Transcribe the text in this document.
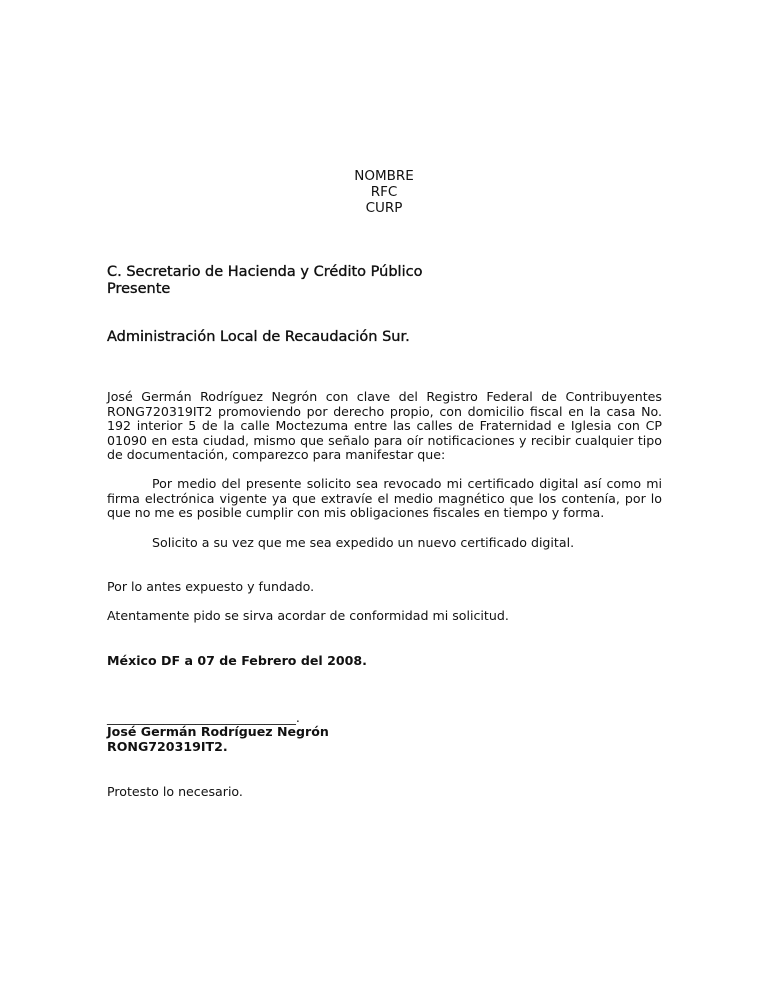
NOMBRE
RFC
CURP
C. Secretario de Hacienda y Crédito Público
Presente
Administración Local de Recaudación Sur.
José Germán Rodríguez Negrón con clave del Registro Federal de Contribuyentes RONG720319IT2 promoviendo por derecho propio, con domicilio fiscal en la casa No. 192 interior 5 de la calle Moctezuma entre las calles de Fraternidad e Iglesia con CP 01090 en esta ciudad, mismo que señalo para oír notificaciones y recibir cualquier tipo de documentación, comparezco para manifestar que:
Por medio del presente solicito sea revocado mi certificado digital así como mi firma electrónica vigente ya que extravíe el medio magnético que los contenía, por lo que no me es posible cumplir con mis obligaciones fiscales en tiempo y forma.
Solicito a su vez que me sea expedido un nuevo certificado digital.
Por lo antes expuesto y fundado.
Atentamente pido se sirva acordar de conformidad mi solicitud.
México DF a 07 de Febrero del 2008.
______________________________.
José Germán Rodríguez Negrón
RONG720319IT2.
Protesto lo necesario.
